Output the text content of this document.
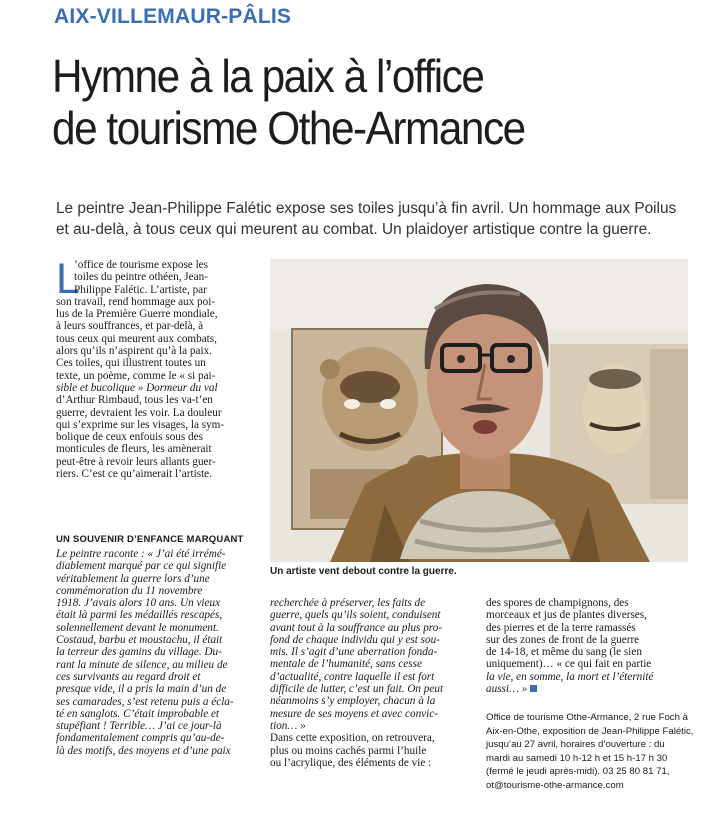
AIX-VILLEMAUR-PÂLIS
Hymne à la paix à l’office
de tourisme Othe-Armance
Le peintre Jean-Philippe Falétic expose ses toiles jusqu’à fin avril. Un hommage aux Poilus
et au-delà, à tous ceux qui meurent au combat. Un plaidoyer artistique contre la guerre.
Un artiste vent debout contre la guerre.
L
’office de tourisme expose les
toiles du peintre othéen, Jean-
Philippe Falétic. L’artiste, par
son travail, rend hommage aux poi-
lus de la Première Guerre mondiale,
à leurs souffrances, et par-delà, à
tous ceux qui meurent aux combats,
alors qu’ils n’aspirent qu’à la paix.
Ces toiles, qui illustrent toutes un
texte, un poème, comme le « si pai-
sible et bucolique » Dormeur du val
d’Arthur Rimbaud, tous les va-t’en
guerre, devraient les voir. La douleur
qui s’exprime sur les visages, la sym-
bolique de ceux enfouis sous des
monticules de fleurs, les amènerait
peut-être à revoir leurs allants guer-
riers. C’est ce qu’aimerait l’artiste.
UN SOUVENIR D’ENFANCE MARQUANT
Le peintre raconte : « J’ai été irrémé-
diablement marqué par ce qui signifie
véritablement la guerre lors d’une
commémoration du 11 novembre
1918. J’avais alors 10 ans. Un vieux
était là parmi les médaillés rescapés,
solennellement devant le monument.
Costaud, barbu et moustachu, il était
la terreur des gamins du village. Du-
rant la minute de silence, au milieu de
ces survivants au regard droit et
presque vide, il a pris la main d’un de
ses camarades, s’est retenu puis a écla-
té en sanglots. C’était improbable et
stupéfiant ! Terrible… J’ai ce jour-là
fondamentalement compris qu’au-de-
là des motifs, des moyens et d’une paix
recherchée à préserver, les faits de
guerre, quels qu’ils soient, conduisent
avant tout à la souffrance au plus pro-
fond de chaque individu qui y est sou-
mis. Il s’agit d’une aberration fonda-
mentale de l’humanité, sans cesse
d’actualité, contre laquelle il est fort
difficile de lutter, c’est un fait. On peut
néanmoins s’y employer, chacun à la
mesure de ses moyens et avec convic-
tion… »
Dans cette exposition, on retrouvera,
plus ou moins cachés parmi l’huile
ou l’acrylique, des éléments de vie :
des spores de champignons, des
morceaux et jus de plantes diverses,
des pierres et de la terre ramassés
sur des zones de front de la guerre
de 14-18, et même du sang (le sien
uniquement)… « ce qui fait en partie
la vie, en somme, la mort et l’éternité
aussi… »
Office de tourisme Othe-Armance, 2 rue Foch à
Aix-en-Othe, exposition de Jean-Philippe Falétic,
jusqu’au 27 avril, horaires d’ouverture : du
mardi au samedi 10 h-12 h et 15 h-17 h 30
(fermé le jeudi après-midi). 03 25 80 81 71,
ot@tourisme-othe-armance.com
